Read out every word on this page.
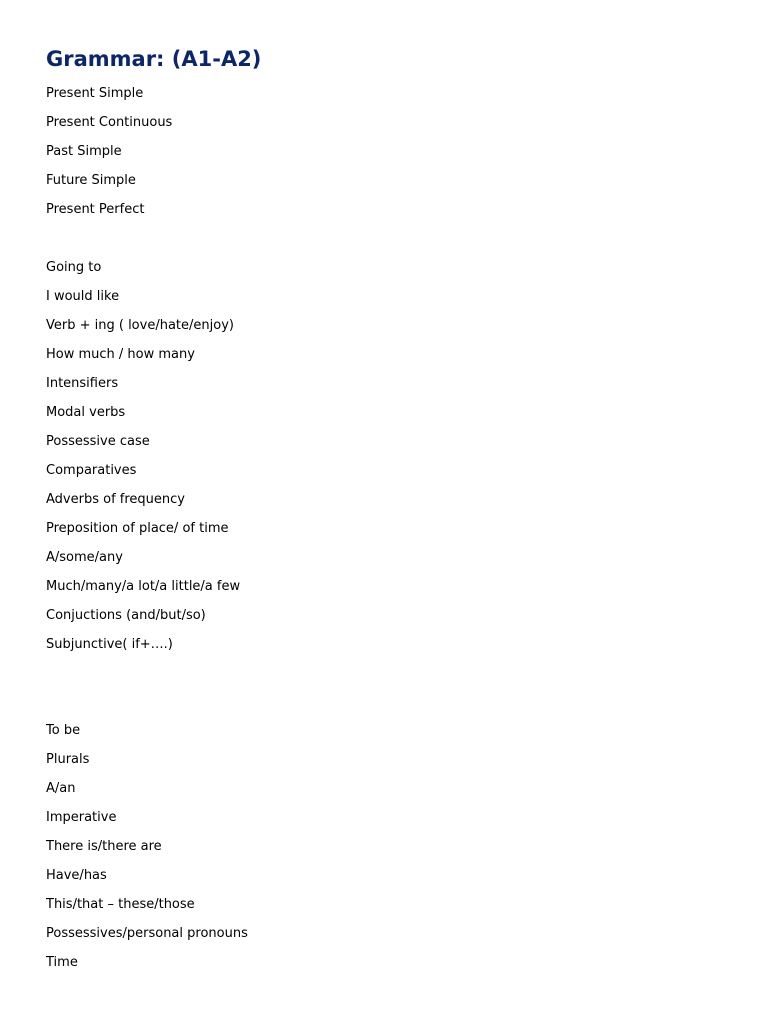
Grammar: (A1-A2)
Present Simple
Present Continuous
Past Simple
Future Simple
Present Perfect
Going to
I would like
Verb + ing ( love/hate/enjoy)
How much / how many
Intensifiers
Modal verbs
Possessive case
Comparatives
Adverbs of frequency
Preposition of place/ of time
A/some/any
Much/many/a lot/a little/a few
Conjuctions (and/but/so)
Subjunctive( if+….)
To be
Plurals
A/an
Imperative
There is/there are
Have/has
This/that – these/those
Possessives/personal pronouns
Time
